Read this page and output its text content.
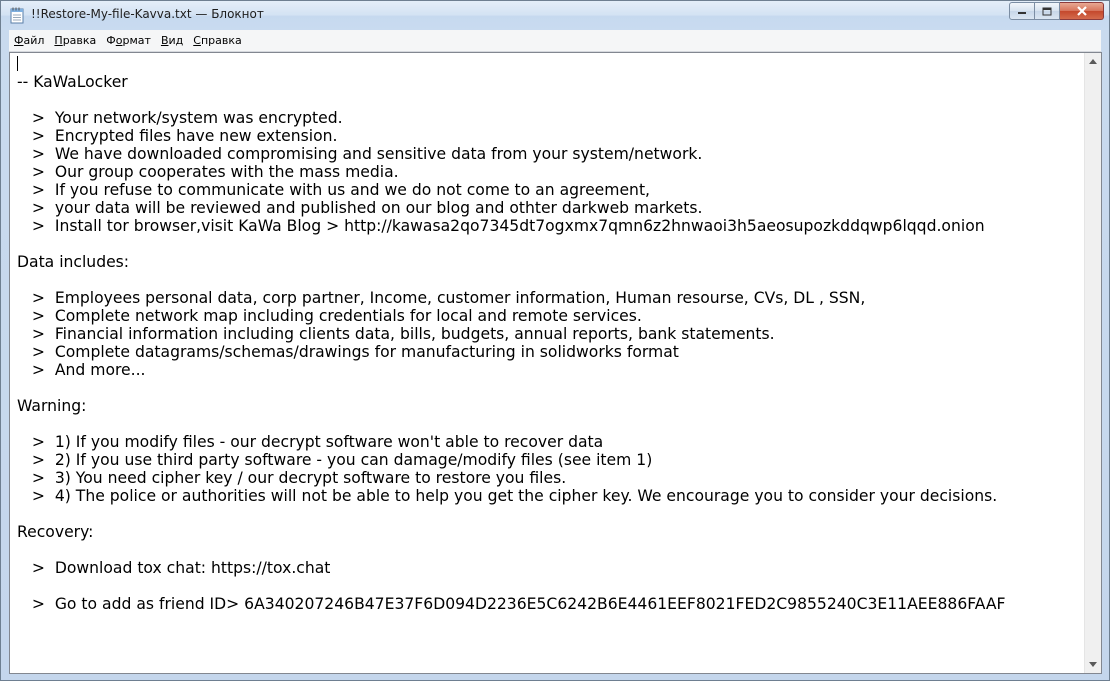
!!Restore-My-file-Kavva.txt — Блокнот
Файл Правка Формат Вид Справка
-- KaWaLocker
>  Your network/system was encrypted.
>  Encrypted files have new extension.
>  We have downloaded compromising and sensitive data from your system/network.
>  Our group cooperates with the mass media.
>  If you refuse to communicate with us and we do not come to an agreement,
>  your data will be reviewed and published on our blog and othter darkweb markets.
>  Install tor browser,visit KaWa Blog > http://kawasa2qo7345dt7ogxmx7qmn6z2hnwaoi3h5aeosupozkddqwp6lqqd.onion
Data includes:
>  Employees personal data, corp partner, Income, customer information, Human resourse, CVs, DL , SSN,
>  Complete network map including credentials for local and remote services.
>  Financial information including clients data, bills, budgets, annual reports, bank statements.
>  Complete datagrams/schemas/drawings for manufacturing in solidworks format
>  And more...
Warning:
>  1) If you modify files - our decrypt software won't able to recover data
>  2) If you use third party software - you can damage/modify files (see item 1)
>  3) You need cipher key / our decrypt software to restore you files.
>  4) The police or authorities will not be able to help you get the cipher key. We encourage you to consider your decisions.
Recovery:
>  Download tox chat: https://tox.chat
>  Go to add as friend ID> 6A340207246B47E37F6D094D2236E5C6242B6E4461EEF8021FED2C9855240C3E11AEE886FAAF
